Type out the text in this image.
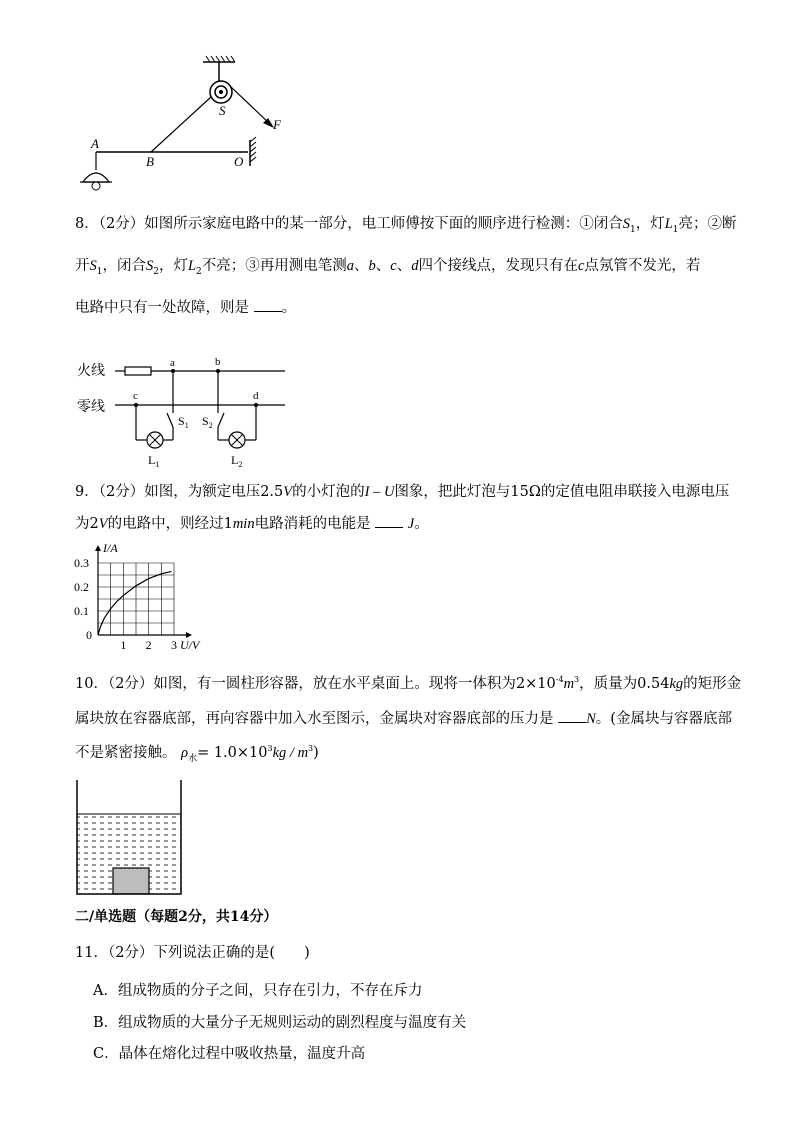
A
B	O
S
F
8．（2分）如图所示家庭电路中的某一部分，电工师傅按下面的顺序进行检测：①闭合$S_1$，灯$L_1$亮；②断
开$S_1$，闭合$S_2$，灯$L_2$不亮；③再用测电笔测a、b、c、d四个接线点，发现只有在c点氖管不发光，若
电路中只有一处故障，则是 。
火线
零线
a	b
c	d
$S_1$ $S_2$
$L_1$	$L_2$
9．（2分）如图，为额定电压2.5V的小灯泡的I – U图象，把此灯泡与15Ω的定值电阻串联接入电源电压
为2V的电路中，则经过1min电路消耗的电能是	J。
1 2 3
0.1
0.2
0.3
0
U/V
I/A
10．（2分）如图，有一圆柱形容器，放在水平桌面上。现将一体积为$2\times 10^{-4}m^3$，质量为0.54kg的矩形金
属块放在容器底部，再向容器中加入水至图示，金属块对容器底部的压力是 N。(金属块与容器底部
不是紧密接触。 $\rho_水= 1.0\times 10^3kg / m^3$)
二/单选题（每题2分，共14分）
11．（2分）下列说法正确的是(　　)
A．组成物质的分子之间，只存在引力，不存在斥力
B．组成物质的大量分子无规则运动的剧烈程度与温度有关
C．晶体在熔化过程中吸收热量，温度升高
